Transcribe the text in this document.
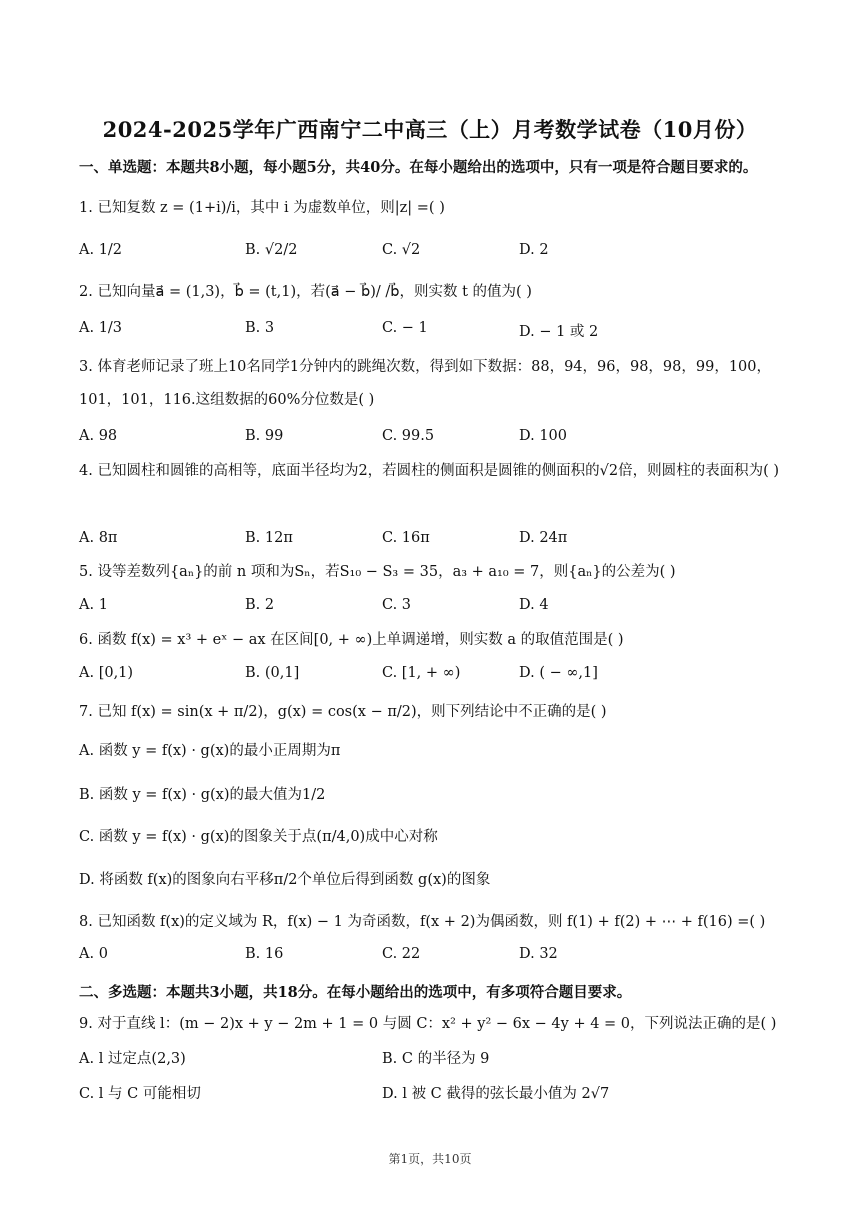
2024-2025学年广西南宁二中高三（上）月考数学试卷（10月份）
一、单选题：本题共8小题，每小题5分，共40分。在每小题给出的选项中，只有一项是符合题目要求的。
1. 已知复数 z = (1+i)/i，其中 i 为虚数单位，则|z| =( )
A. 1/2	B. √2/2	C. √2	D. 2
2. 已知向量a⃗ = (1,3)，b⃗ = (t,1)，若(a⃗ − b⃗)/ /b⃗，则实数 t 的值为( )
A. 1/3	B. 3	C. − 1	D. − 1 或 2
3. 体育老师记录了班上10名同学1分钟内的跳绳次数，得到如下数据：88，94，96，98，98，99，100，101，101，116.这组数据的60%分位数是( )
A. 98	B. 99	C. 99.5	D. 100
4. 已知圆柱和圆锥的高相等，底面半径均为2，若圆柱的侧面积是圆锥的侧面积的√2倍，则圆柱的表面积为( )
A. 8π	B. 12π	C. 16π	D. 24π
5. 设等差数列{aₙ}的前 n 项和为Sₙ，若S₁₀ − S₃ = 35，a₃ + a₁₀ = 7，则{aₙ}的公差为( )
A. 1	B. 2	C. 3	D. 4
6. 函数 f(x) = x³ + eˣ − ax 在区间[0, + ∞)上单调递增，则实数 a 的取值范围是( )
A. [0,1)	B. (0,1]	C. [1, + ∞)	D. ( − ∞,1]
7. 已知 f(x) = sin(x + π/2)，g(x) = cos(x − π/2)，则下列结论中不正确的是( )
A. 函数 y = f(x) · g(x)的最小正周期为π
B. 函数 y = f(x) · g(x)的最大值为1/2
C. 函数 y = f(x) · g(x)的图象关于点(π/4,0)成中心对称
D. 将函数 f(x)的图象向右平移π/2个单位后得到函数 g(x)的图象
8. 已知函数 f(x)的定义域为 R，f(x) − 1 为奇函数，f(x + 2)为偶函数，则 f(1) + f(2) + ⋯ + f(16) =( )
A. 0	B. 16	C. 22	D. 32
二、多选题：本题共3小题，共18分。在每小题给出的选项中，有多项符合题目要求。
9. 对于直线 l：(m − 2)x + y − 2m + 1 = 0 与圆 C：x² + y² − 6x − 4y + 4 = 0，下列说法正确的是( )
A. l 过定点(2,3)	B. C 的半径为 9
C. l 与 C 可能相切	D. l 被 C 截得的弦长最小值为 2√7
第1页，共10页
